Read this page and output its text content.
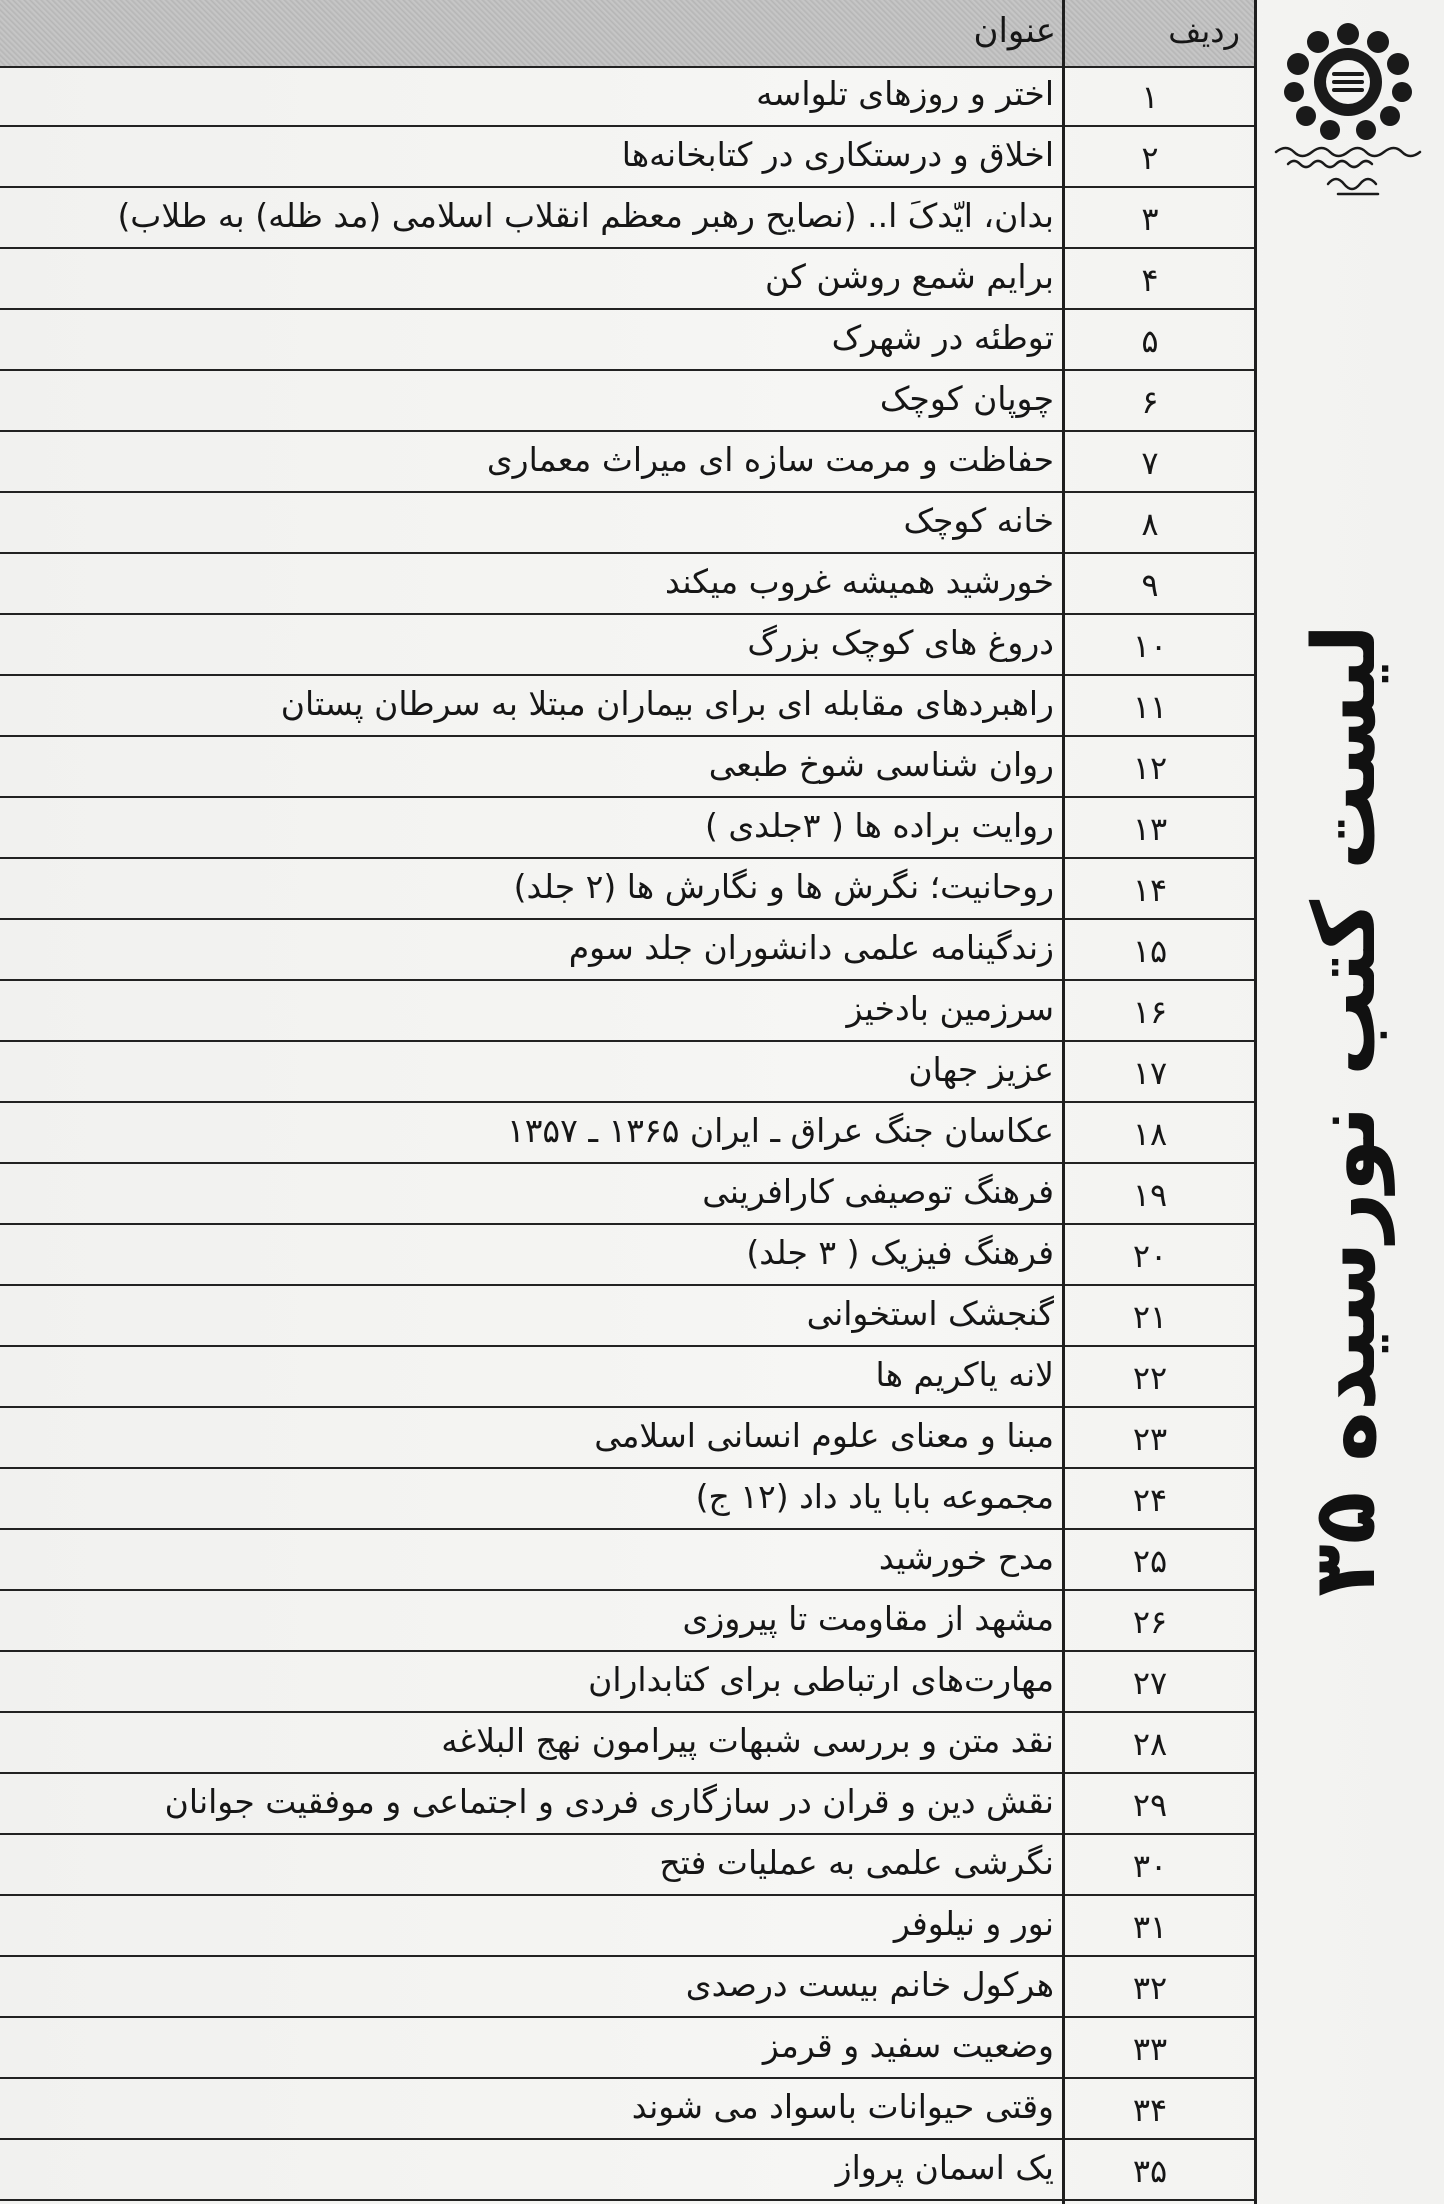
عنوان	ردیف
اختر و روزهای تلواسه	۱
اخلاق و درستکاری در کتابخانه‌ها	۲
بدان، ایّدکَ ا.. (نصایح رهبر معظم انقلاب اسلامی (مد ظله) به طلاب)	۳
برایم شمع روشن کن	۴
توطئه در شهرک	۵
چوپان کوچک	۶
حفاظت و مرمت سازه ای میراث معماری	۷
خانه کوچک	۸
خورشید همیشه غروب میکند	۹
دروغ های کوچک بزرگ	۱۰
راهبردهای مقابله ای برای بیماران مبتلا به سرطان پستان	۱۱
روان شناسی شوخ طبعی	۱۲
روایت براده ها ( ۳جلدی )	۱۳
روحانیت؛ نگرش ها و نگارش ها (۲ جلد)	۱۴
زندگینامه علمی دانشوران جلد سوم	۱۵
سرزمین بادخیز	۱۶
عزیز جهان	۱۷
عکاسان جنگ عراق ـ ایران ۱۳۶۵ ـ ۱۳۵۷	۱۸
فرهنگ توصیفی کارافرینی	۱۹
فرهنگ فیزیک ( ۳ جلد)	۲۰
گنجشک استخوانی	۲۱
لانه یاکریم ها	۲۲
مبنا و معنای علوم انسانی اسلامی	۲۳
مجموعه بابا یاد داد (۱۲ ج)	۲۴
مدح خورشید	۲۵
مشهد از مقاومت تا پیروزی	۲۶
مهارت‌های ارتباطی برای کتابداران	۲۷
نقد متن و بررسی شبهات پیرامون نهج البلاغه	۲۸
نقش دین و قران در سازگاری فردی و اجتماعی و موفقیت جوانان	۲۹
نگرشی علمی به عملیات فتح	۳۰
نور و نیلوفر	۳۱
هرکول خانم بیست درصدی	۳۲
وضعیت سفید و قرمز	۳۳
وقتی حیوانات باسواد می شوند	۳۴
یک اسمان پرواز	۳۵
لیست کتب نورسیده ۳۵
